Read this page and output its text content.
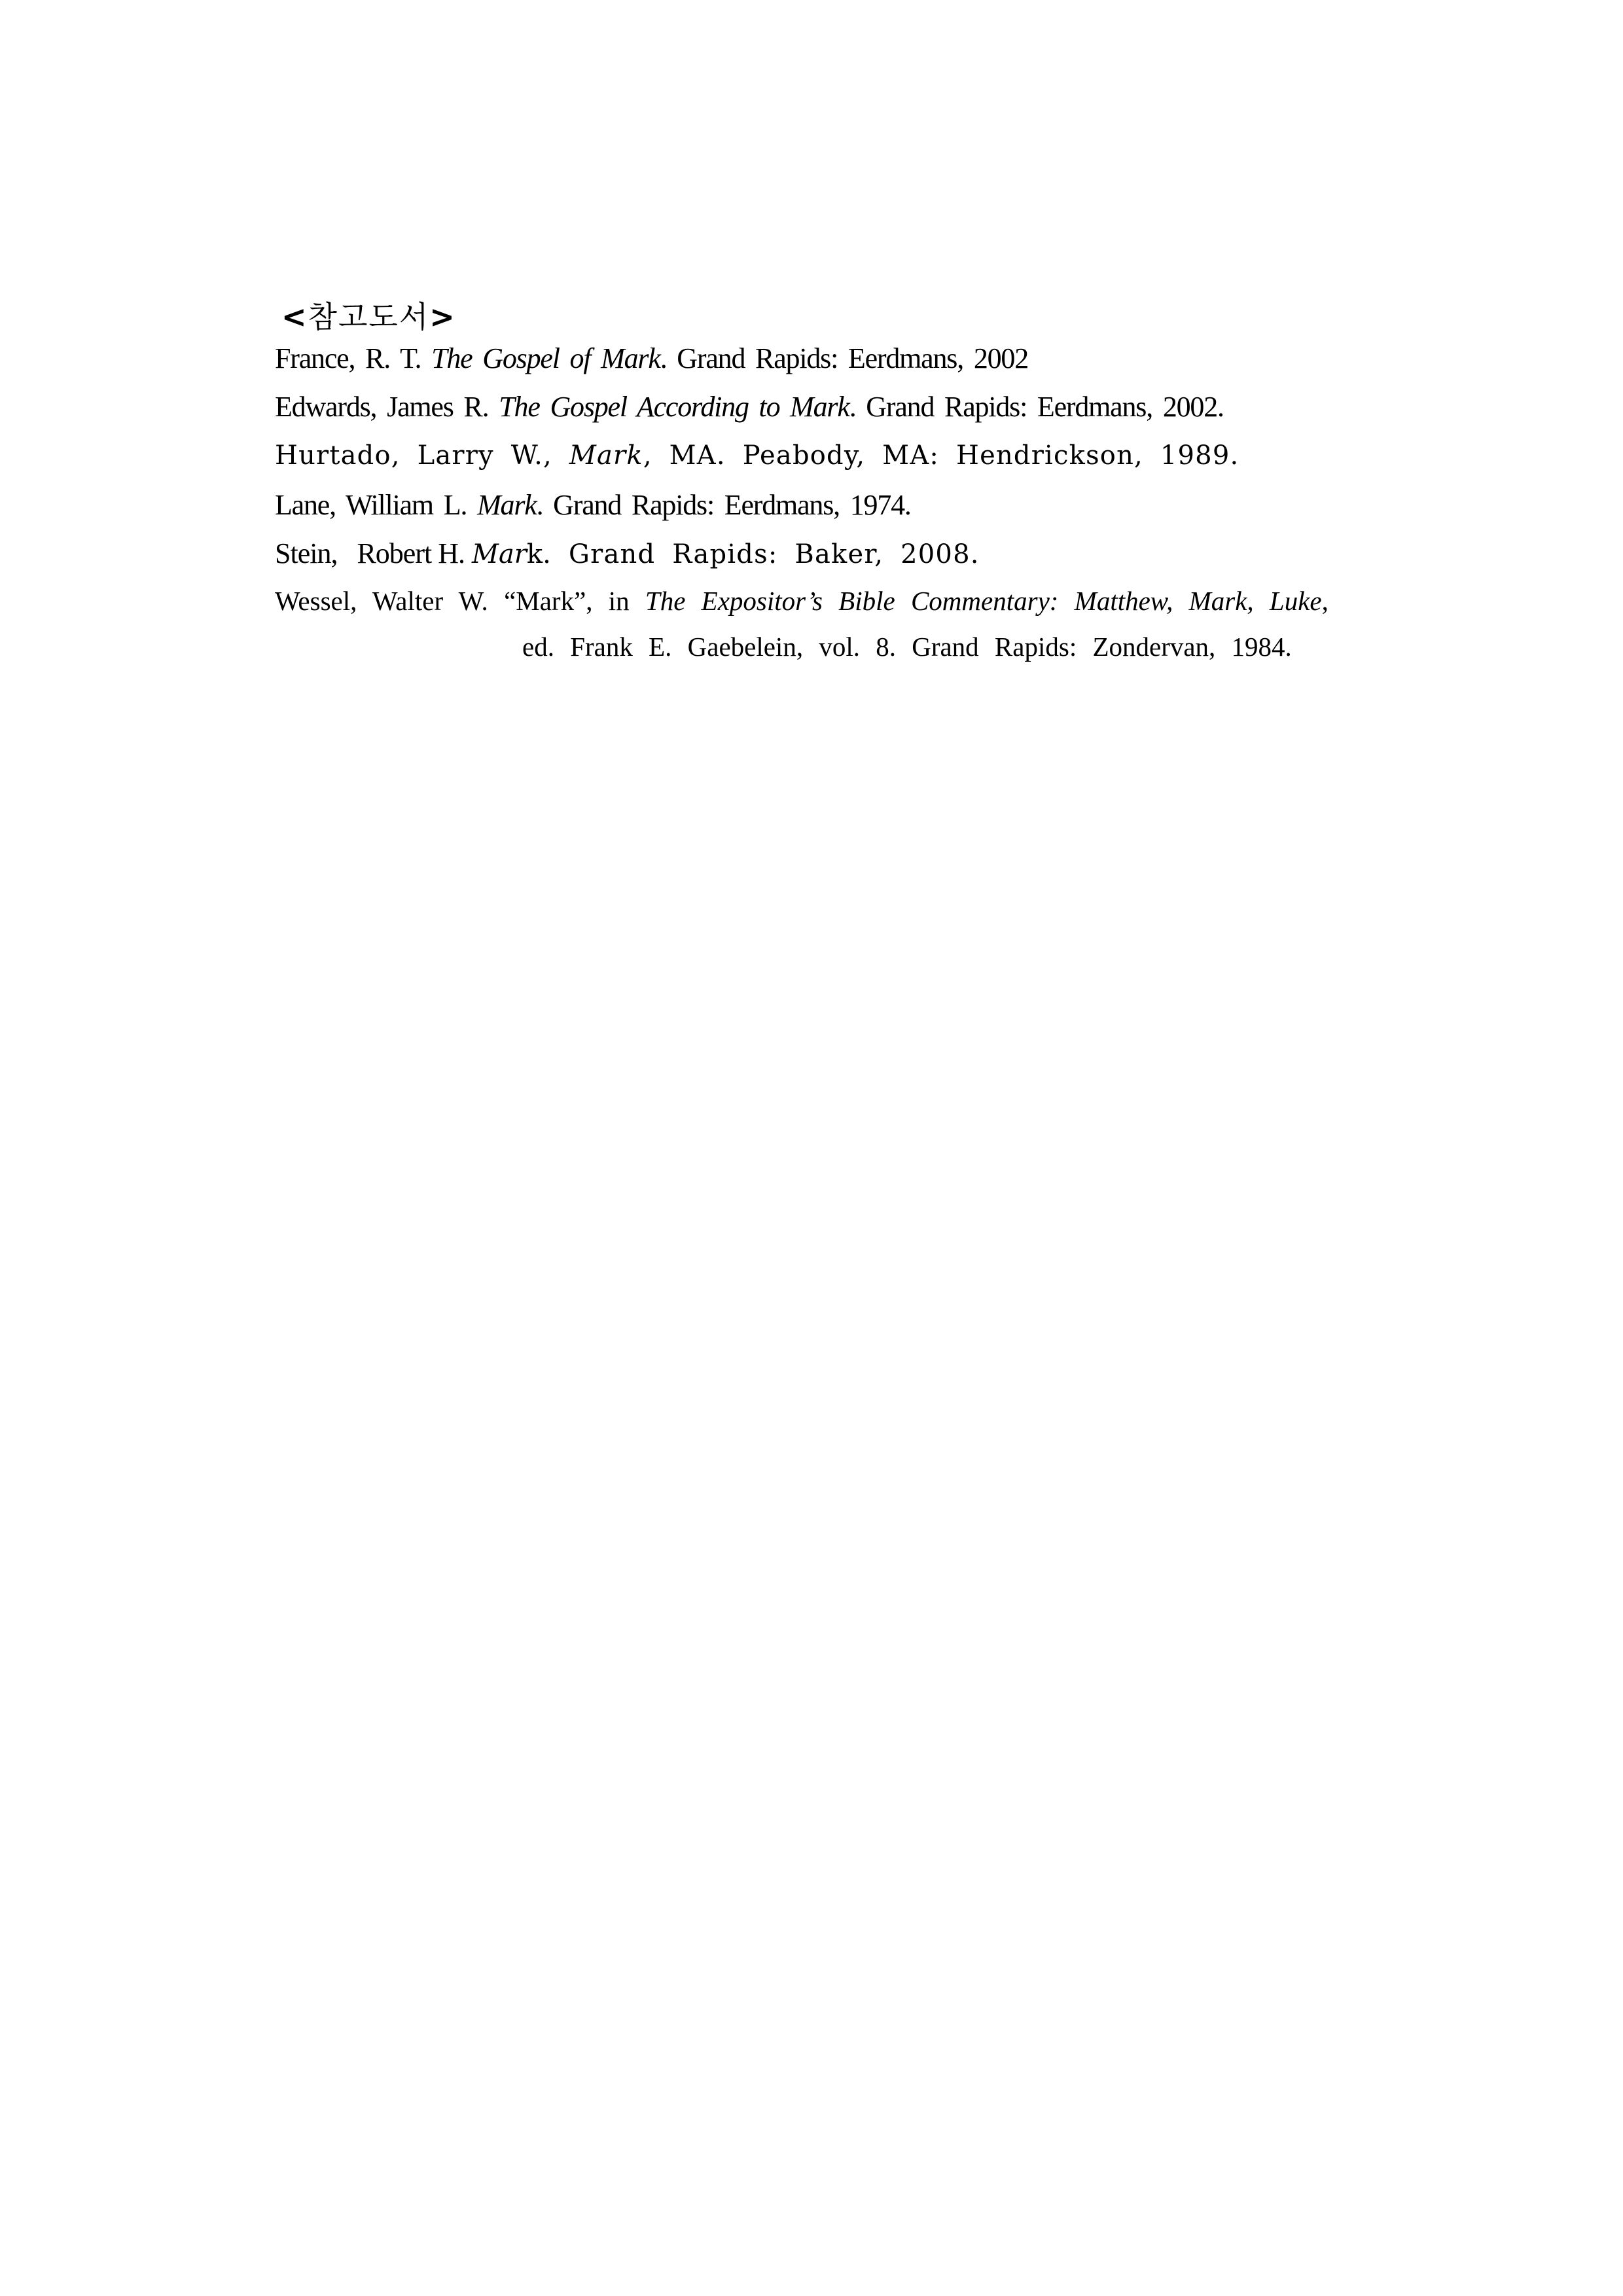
<참고도서>

France, R. T. The Gospel of Mark. Grand Rapids: Eerdmans, 2002

Edwards, James R. The Gospel According to Mark. Grand Rapids: Eerdmans, 2002.

Hurtado, Larry W., Mark, MA. Peabody, MA: Hendrickson, 1989.

Lane, William L. Mark. Grand Rapids: Eerdmans, 1974.

Stein, Robert H. Mark. Grand Rapids: Baker, 2008.

Wessel, Walter W. “Mark”, in The Expositor’s Bible Commentary: Matthew, Mark, Luke,

ed. Frank E. Gaebelein, vol. 8. Grand Rapids: Zondervan, 1984.
